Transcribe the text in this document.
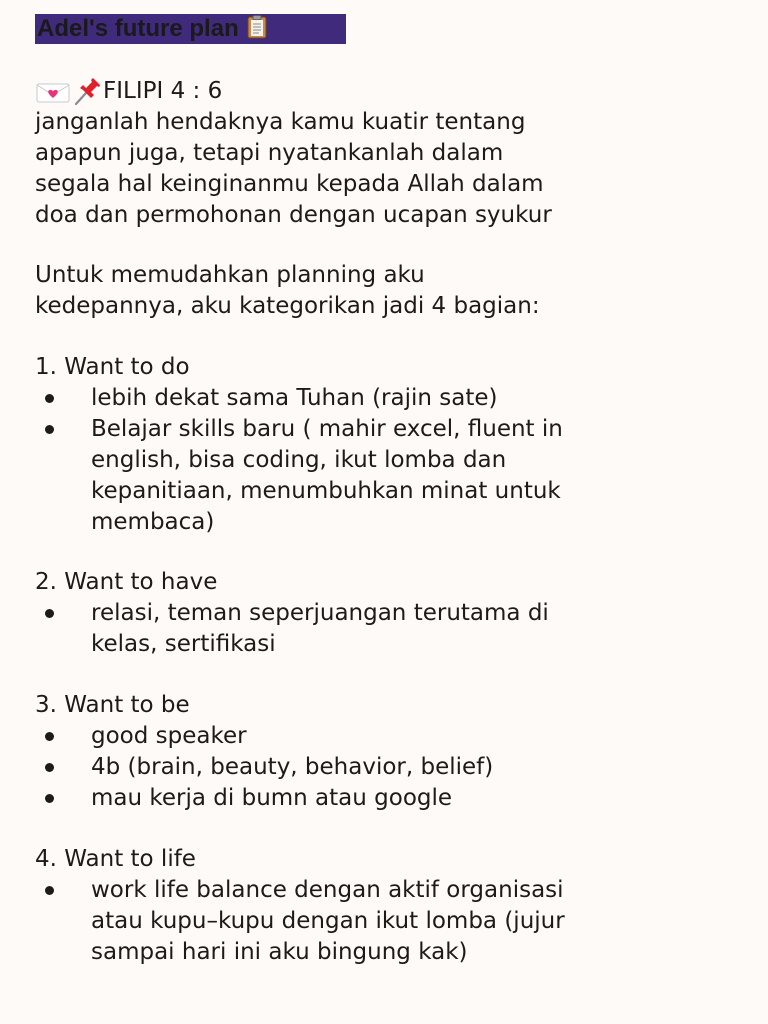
Adel's future plan
FILIPI 4 : 6
janganlah hendaknya kamu kuatir tentang
apapun juga, tetapi nyatankanlah dalam
segala hal keinginanmu kepada Allah dalam
doa dan permohonan dengan ucapan syukur
Untuk memudahkan planning aku
kedepannya, aku kategorikan jadi 4 bagian:
1. Want to do
lebih dekat sama Tuhan (rajin sate)
Belajar skills baru ( mahir excel, fluent in
english, bisa coding, ikut lomba dan
kepanitiaan, menumbuhkan minat untuk
membaca)
2. Want to have
relasi, teman seperjuangan terutama di
kelas, sertifikasi
3. Want to be
good speaker
4b (brain, beauty, behavior, belief)
mau kerja di bumn atau google
4. Want to life
work life balance dengan aktif organisasi
atau kupu–kupu dengan ikut lomba (jujur
sampai hari ini aku bingung kak)
